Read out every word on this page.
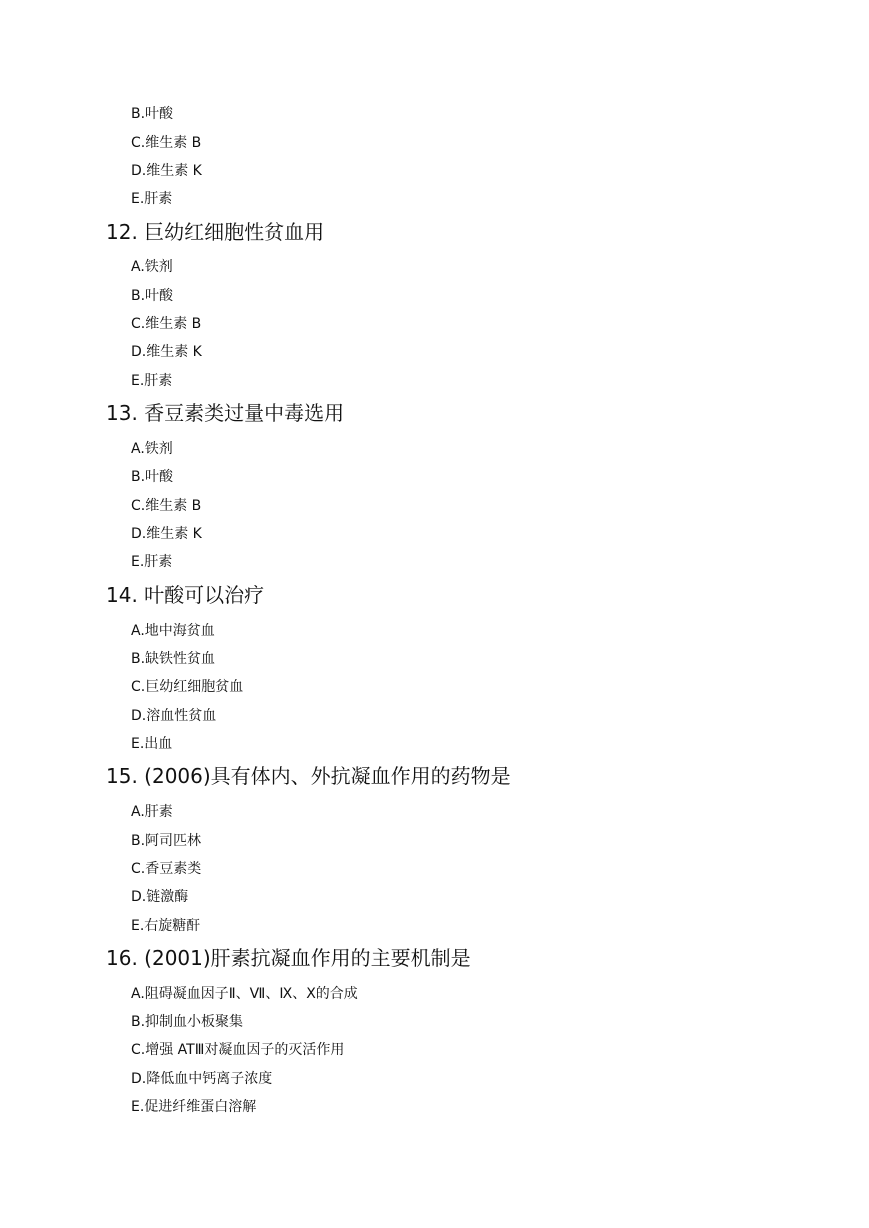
B.叶酸
C.维生素 B
D.维生素 K
E.肝素
12. 巨幼红细胞性贫血用
A.铁剂
B.叶酸
C.维生素 B
D.维生素 K
E.肝素
13. 香豆素类过量中毒选用
A.铁剂
B.叶酸
C.维生素 B
D.维生素 K
E.肝素
14. 叶酸可以治疗
A.地中海贫血
B.缺铁性贫血
C.巨幼红细胞贫血
D.溶血性贫血
E.出血
15. (2006)具有体内、外抗凝血作用的药物是
A.肝素
B.阿司匹林
C.香豆素类
D.链激酶
E.右旋糖酐
16. (2001)肝素抗凝血作用的主要机制是
A.阻碍凝血因子Ⅱ、Ⅶ、Ⅸ、Ⅹ的合成
B.抑制血小板聚集
C.增强 ATⅢ对凝血因子的灭活作用
D.降低血中钙离子浓度
E.促进纤维蛋白溶解
